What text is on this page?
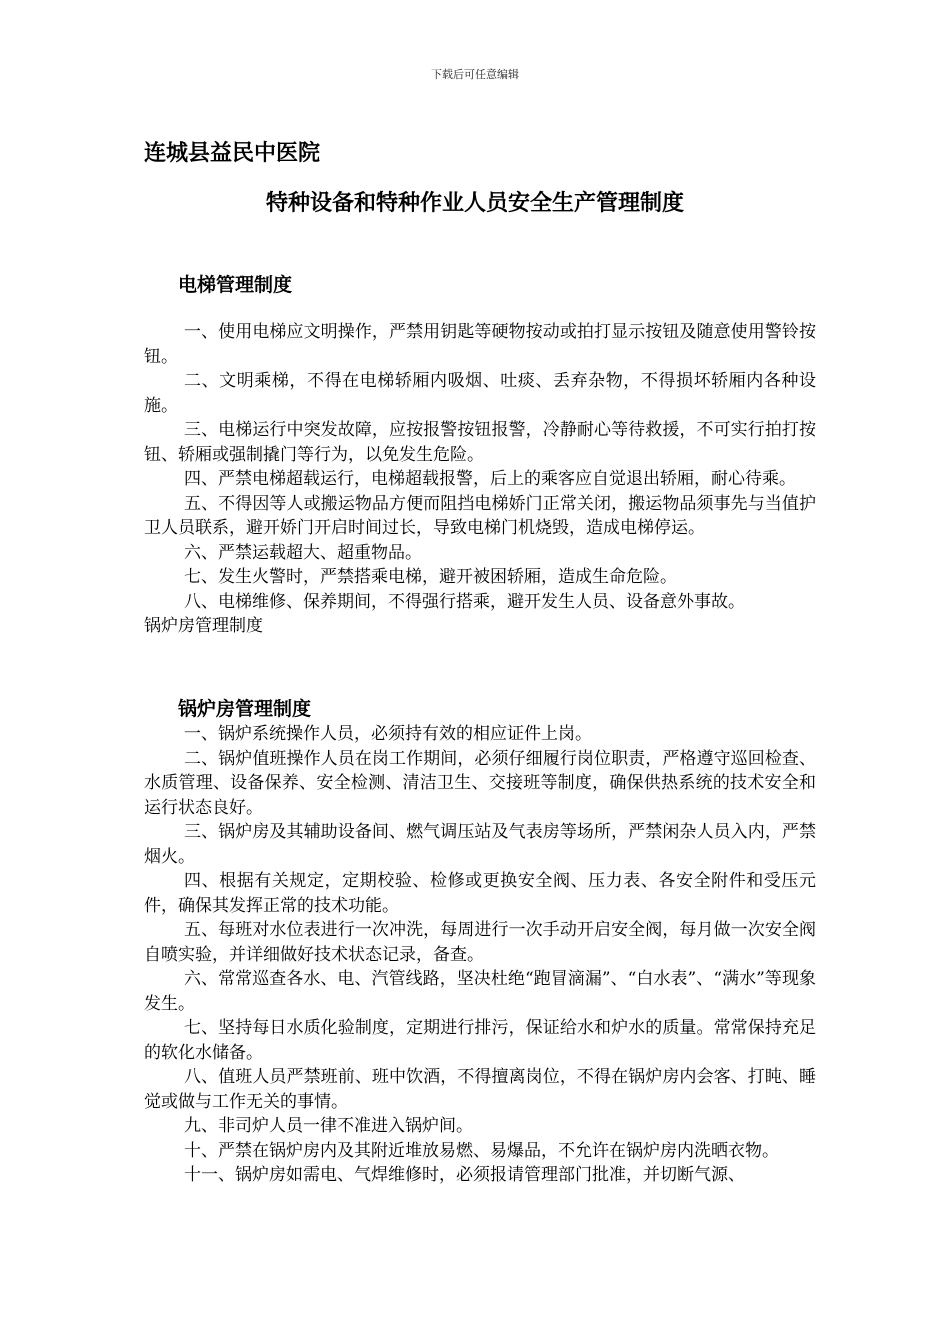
下载后可任意编辑
连城县益民中医院
特种设备和特种作业人员安全生产管理制度
电梯管理制度

一、使用电梯应文明操作，严禁用钥匙等硬物按动或拍打显示按钮及随意使用警铃按钮。

二、文明乘梯，不得在电梯轿厢内吸烟、吐痰、丢弃杂物，不得损坏轿厢内各种设施。

三、电梯运行中突发故障，应按报警按钮报警，冷静耐心等待救援，不可实行拍打按钮、轿厢或强制撬门等行为，以免发生危险。

四、严禁电梯超载运行，电梯超载报警，后上的乘客应自觉退出轿厢，耐心待乘。

五、不得因等人或搬运物品方便而阻挡电梯娇门正常关闭，搬运物品须事先与当值护卫人员联系，避开娇门开启时间过长，导致电梯门机烧毁，造成电梯停运。

六、严禁运载超大、超重物品。

七、发生火警时，严禁搭乘电梯，避开被困轿厢，造成生命危险。

八、电梯维修、保养期间，不得强行搭乘，避开发生人员、设备意外事故。

锅炉房管理制度

锅炉房管理制度

一、锅炉系统操作人员，必须持有效的相应证件上岗。

二、锅炉值班操作人员在岗工作期间，必须仔细履行岗位职责，严格遵守巡回检查、水质管理、设备保养、安全检测、清洁卫生、交接班等制度，确保供热系统的技术安全和运行状态良好。

三、锅炉房及其辅助设备间、燃气调压站及气表房等场所，严禁闲杂人员入内，严禁烟火。

四、根据有关规定，定期校验、检修或更换安全阀、压力表、各安全附件和受压元件，确保其发挥正常的技术功能。

五、每班对水位表进行一次冲洗，每周进行一次手动开启安全阀，每月做一次安全阀自喷实验，并详细做好技术状态记录，备查。

六、常常巡查各水、电、汽管线路，坚决杜绝“跑冒滴漏”、“白水表”、“满水”等现象发生。

七、坚持每日水质化验制度，定期进行排污，保证给水和炉水的质量。常常保持充足的软化水储备。

八、值班人员严禁班前、班中饮酒，不得擅离岗位，不得在锅炉房内会客、打盹、睡觉或做与工作无关的事情。

九、非司炉人员一律不准进入锅炉间。

十、严禁在锅炉房内及其附近堆放易燃、易爆品，不允许在锅炉房内洗晒衣物。

十一、锅炉房如需电、气焊维修时，必须报请管理部门批准，并切断气源、
